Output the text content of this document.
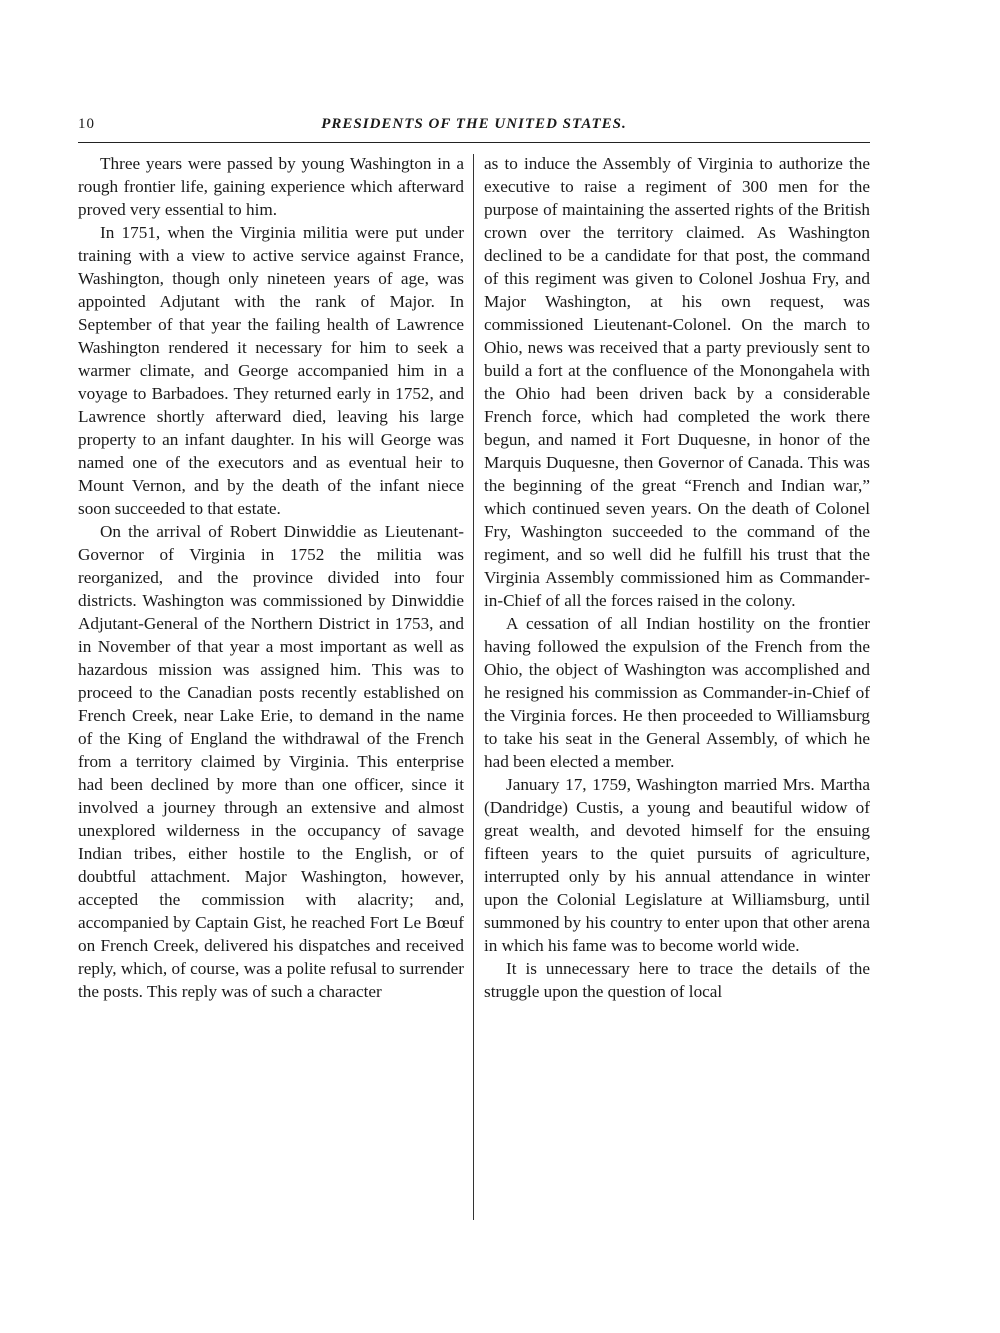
10	PRESIDENTS OF THE UNITED STATES.

Three years were passed by young Washington in a rough frontier life, gaining experience which afterward proved very essential to him.

In 1751, when the Virginia militia were put under training with a view to active service against France, Washington, though only nineteen years of age, was appointed Adjutant with the rank of Major. In September of that year the failing health of Lawrence Washington rendered it necessary for him to seek a warmer climate, and George accompanied him in a voyage to Barbadoes. They returned early in 1752, and Lawrence shortly afterward died, leaving his large property to an infant daughter. In his will George was named one of the executors and as eventual heir to Mount Vernon, and by the death of the infant niece soon succeeded to that estate.

On the arrival of Robert Dinwiddie as Lieutenant-Governor of Virginia in 1752 the militia was reorganized, and the province divided into four districts. Washington was commissioned by Dinwiddie Adjutant-General of the Northern District in 1753, and in November of that year a most important as well as hazardous mission was assigned him. This was to proceed to the Canadian posts recently established on French Creek, near Lake Erie, to demand in the name of the King of England the withdrawal of the French from a territory claimed by Virginia. This enterprise had been declined by more than one officer, since it involved a journey through an extensive and almost unexplored wilderness in the occupancy of savage Indian tribes, either hostile to the English, or of doubtful attachment. Major Washington, however, accepted the commission with alacrity; and, accompanied by Captain Gist, he reached Fort Le Bœuf on French Creek, delivered his dispatches and received reply, which, of course, was a polite refusal to surrender the posts. This reply was of such a character

as to induce the Assembly of Virginia to authorize the executive to raise a regiment of 300 men for the purpose of maintaining the asserted rights of the British crown over the territory claimed. As Washington declined to be a candidate for that post, the command of this regiment was given to Colonel Joshua Fry, and Major Washington, at his own request, was commissioned Lieutenant-Colonel. On the march to Ohio, news was received that a party previously sent to build a fort at the confluence of the Monongahela with the Ohio had been driven back by a considerable French force, which had completed the work there begun, and named it Fort Duquesne, in honor of the Marquis Duquesne, then Governor of Canada. This was the beginning of the great “French and Indian war,” which continued seven years. On the death of Colonel Fry, Washington succeeded to the command of the regiment, and so well did he fulfill his trust that the Virginia Assembly commissioned him as Commander-in-Chief of all the forces raised in the colony.

A cessation of all Indian hostility on the frontier having followed the expulsion of the French from the Ohio, the object of Washington was accomplished and he resigned his commission as Commander-in-Chief of the Virginia forces. He then proceeded to Williamsburg to take his seat in the General Assembly, of which he had been elected a member.

January 17, 1759, Washington married Mrs. Martha (Dandridge) Custis, a young and beautiful widow of great wealth, and devoted himself for the ensuing fifteen years to the quiet pursuits of agriculture, interrupted only by his annual attendance in winter upon the Colonial Legislature at Williamsburg, until summoned by his country to enter upon that other arena in which his fame was to become world wide.

It is unnecessary here to trace the details of the struggle upon the question of local
